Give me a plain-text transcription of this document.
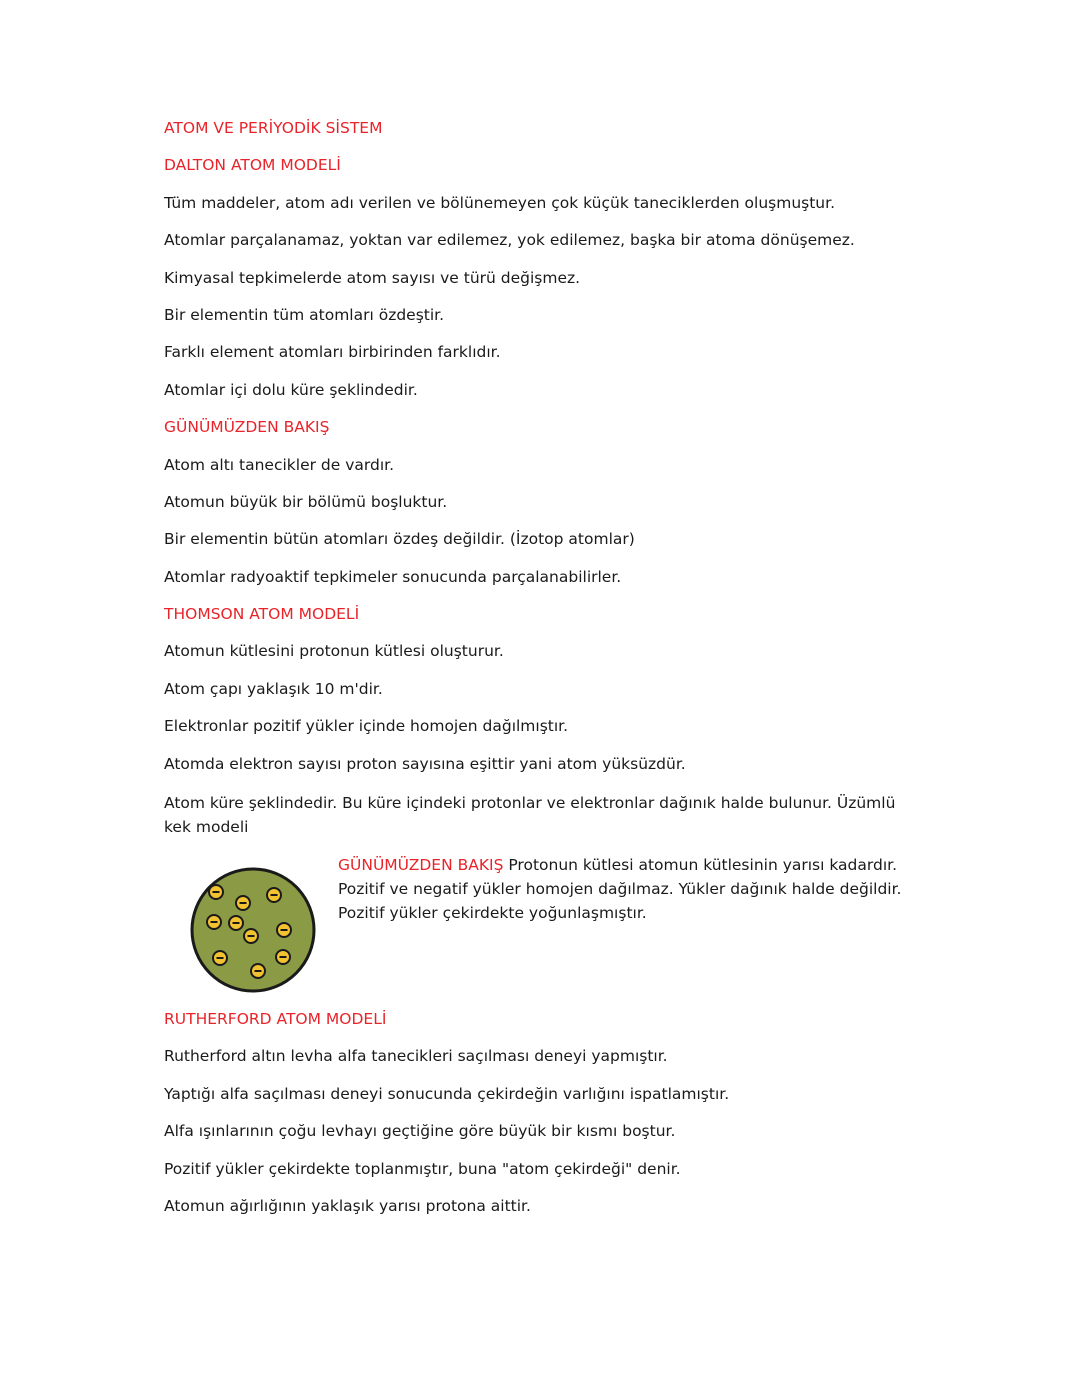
ATOM VE PERİYODİK SİSTEM
DALTON ATOM MODELİ
Tüm maddeler, atom adı verilen ve bölünemeyen çok küçük taneciklerden oluşmuştur.
Atomlar parçalanamaz, yoktan var edilemez, yok edilemez, başka bir atoma dönüşemez.
Kimyasal tepkimelerde atom sayısı ve türü değişmez.
Bir elementin tüm atomları özdeştir.
Farklı element atomları birbirinden farklıdır.
Atomlar içi dolu küre şeklindedir.
GÜNÜMÜZDEN BAKIŞ
Atom altı tanecikler de vardır.
Atomun büyük bir bölümü boşluktur.
Bir elementin bütün atomları özdeş değildir. (İzotop atomlar)
Atomlar radyoaktif tepkimeler sonucunda parçalanabilirler.
THOMSON ATOM MODELİ
Atomun kütlesini protonun kütlesi oluşturur.
Atom çapı yaklaşık 10 m'dir.
Elektronlar pozitif yükler içinde homojen dağılmıştır.
Atomda elektron sayısı proton sayısına eşittir yani atom yüksüzdür.
Atom küre şeklindedir. Bu küre içindeki protonlar ve elektronlar dağınık halde bulunur. Üzümlü kek modeli
GÜNÜMÜZDEN BAKIŞ Protonun kütlesi atomun kütlesinin yarısı kadardır. Pozitif ve negatif yükler homojen dağılmaz. Yükler dağınık halde değildir. Pozitif yükler çekirdekte yoğunlaşmıştır.
RUTHERFORD ATOM MODELİ
Rutherford altın levha alfa tanecikleri saçılması deneyi yapmıştır.
Yaptığı alfa saçılması deneyi sonucunda çekirdeğin varlığını ispatlamıştır.
Alfa ışınlarının çoğu levhayı geçtiğine göre büyük bir kısmı boştur.
Pozitif yükler çekirdekte toplanmıştır, buna "atom çekirdeği" denir.
Atomun ağırlığının yaklaşık yarısı protona aittir.
